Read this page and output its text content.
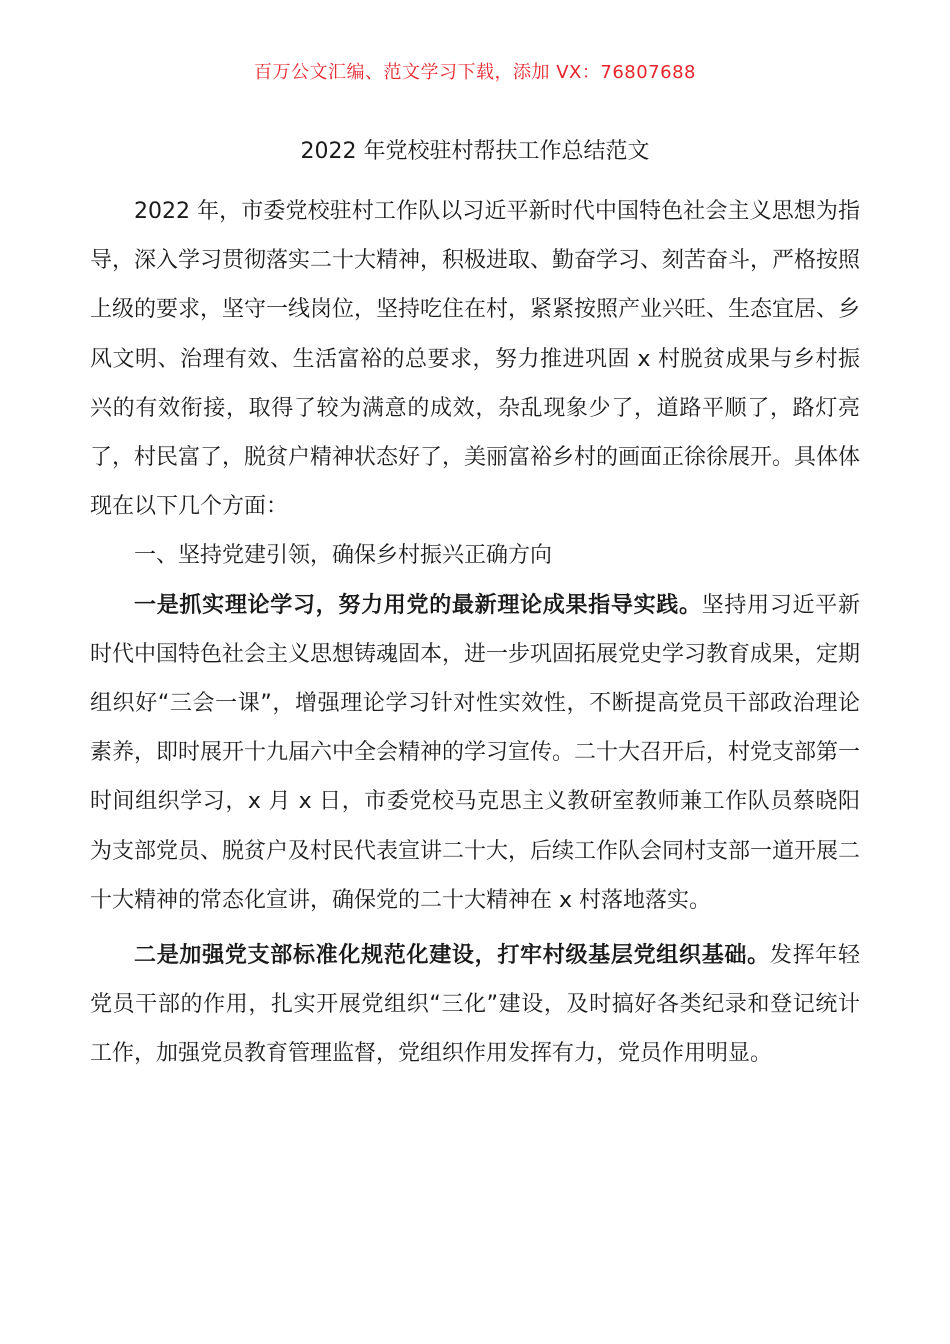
百万公文汇编、范文学习下载，添加 VX：76807688
2022 年党校驻村帮扶工作总结范文

2022 年，市委党校驻村工作队以习近平新时代中国特色社会主义思想为指导，深入学习贯彻落实二十大精神，积极进取、勤奋学习、刻苦奋斗，严格按照上级的要求，坚守一线岗位，坚持吃住在村，紧紧按照产业兴旺、生态宜居、乡风文明、治理有效、生活富裕的总要求，努力推进巩固 x 村脱贫成果与乡村振兴的有效衔接，取得了较为满意的成效，杂乱现象少了，道路平顺了，路灯亮了，村民富了，脱贫户精神状态好了，美丽富裕乡村的画面正徐徐展开。具体体现在以下几个方面：

一、坚持党建引领，确保乡村振兴正确方向

一是抓实理论学习，努力用党的最新理论成果指导实践。坚持用习近平新时代中国特色社会主义思想铸魂固本，进一步巩固拓展党史学习教育成果，定期组织好“三会一课”，增强理论学习针对性实效性，不断提高党员干部政治理论素养，即时展开十九届六中全会精神的学习宣传。二十大召开后，村党支部第一时间组织学习，x 月 x 日，市委党校马克思主义教研室教师兼工作队员蔡晓阳为支部党员、脱贫户及村民代表宣讲二十大，后续工作队会同村支部一道开展二十大精神的常态化宣讲，确保党的二十大精神在 x 村落地落实。

二是加强党支部标准化规范化建设，打牢村级基层党组织基础。发挥年轻党员干部的作用，扎实开展党组织“三化”建设，及时搞好各类纪录和登记统计工作，加强党员教育管理监督，党组织作用发挥有力，党员作用明显。
